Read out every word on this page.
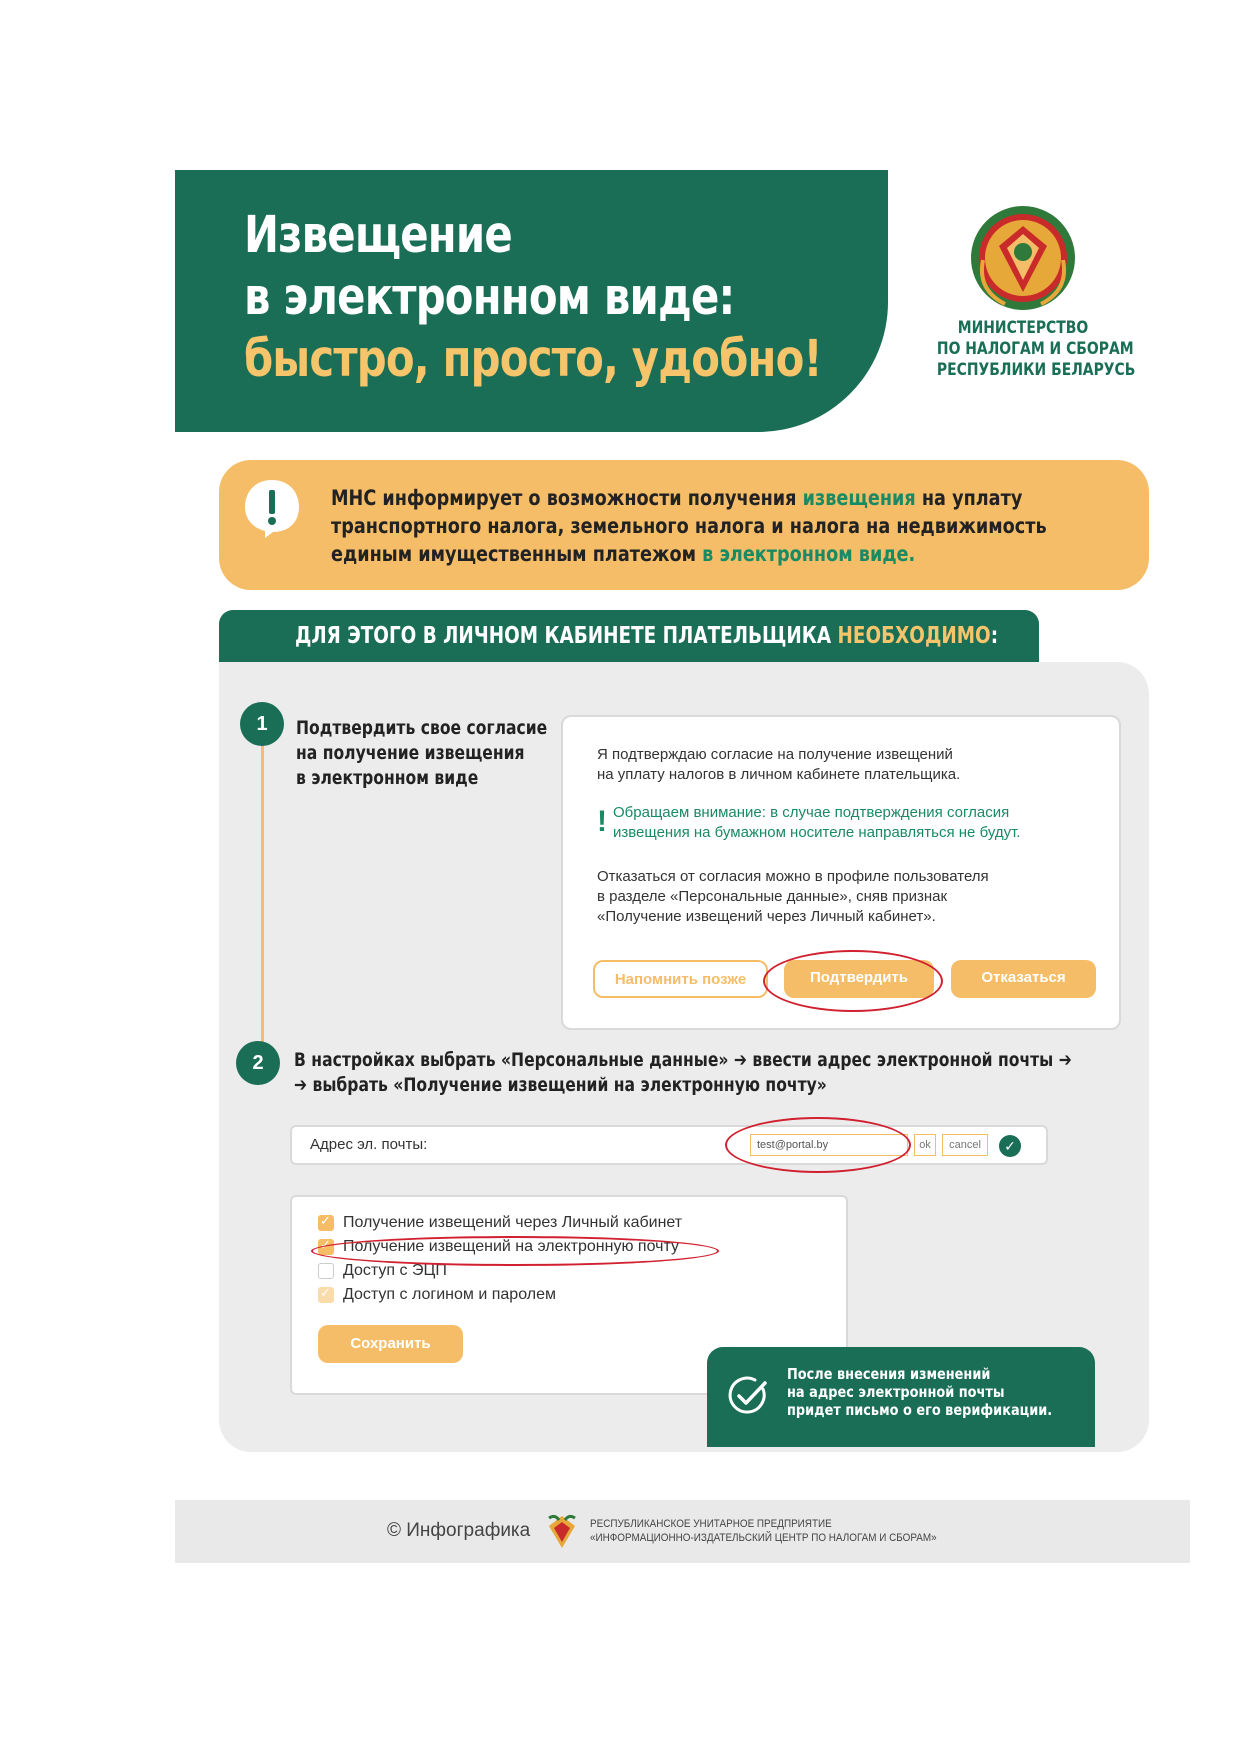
Извещение
в электронном виде:
быстро, просто, удобно!
МИНИСТЕРСТВО
ПО НАЛОГАМ И СБОРАМ
РЕСПУБЛИКИ БЕЛАРУСЬ
МНС информирует о возможности получения извещения на уплату
транспортного налога, земельного налога и налога на недвижимость
единым имущественным платежом в электронном виде.
ДЛЯ ЭТОГО В ЛИЧНОМ КАБИНЕТЕ ПЛАТЕЛЬЩИКА НЕОБХОДИМО:
1	Подтвердить свое согласие
на получение извещения
в электронном виде
Я подтверждаю согласие на получение извещений
на уплату налогов в личном кабинете плательщика.
! Обращаем внимание: в случае подтверждения согласия
извещения на бумажном носителе направляться не будут.
Отказаться от согласия можно в профиле пользователя
в разделе «Персональные данные», сняв признак
«Получение извещений через Личный кабинет».
Напомнить позже	Подтвердить	Отказаться
2	В настройках выбрать «Персональные данные» ➔ ввести адрес электронной почты ➔
➔ выбрать «Получение извещений на электронную почту»
Адрес эл. почты:	test@portal.by	ok	cancel	✓
✓
Получение извещений через Личный кабинет
✓
Получение извещений на электронную почту
Доступ с ЭЦП
✓
Доступ с логином и паролем
Сохранить
После внесения изменений
на адрес электронной почты
придет письмо о его верификации.
© Инфографика	РЕСПУБЛИКАНСКОЕ УНИТАРНОЕ ПРЕДПРИЯТИЕ
«ИНФОРМАЦИОННО-ИЗДАТЕЛЬСКИЙ ЦЕНТР ПО НАЛОГАМ И СБОРАМ»
